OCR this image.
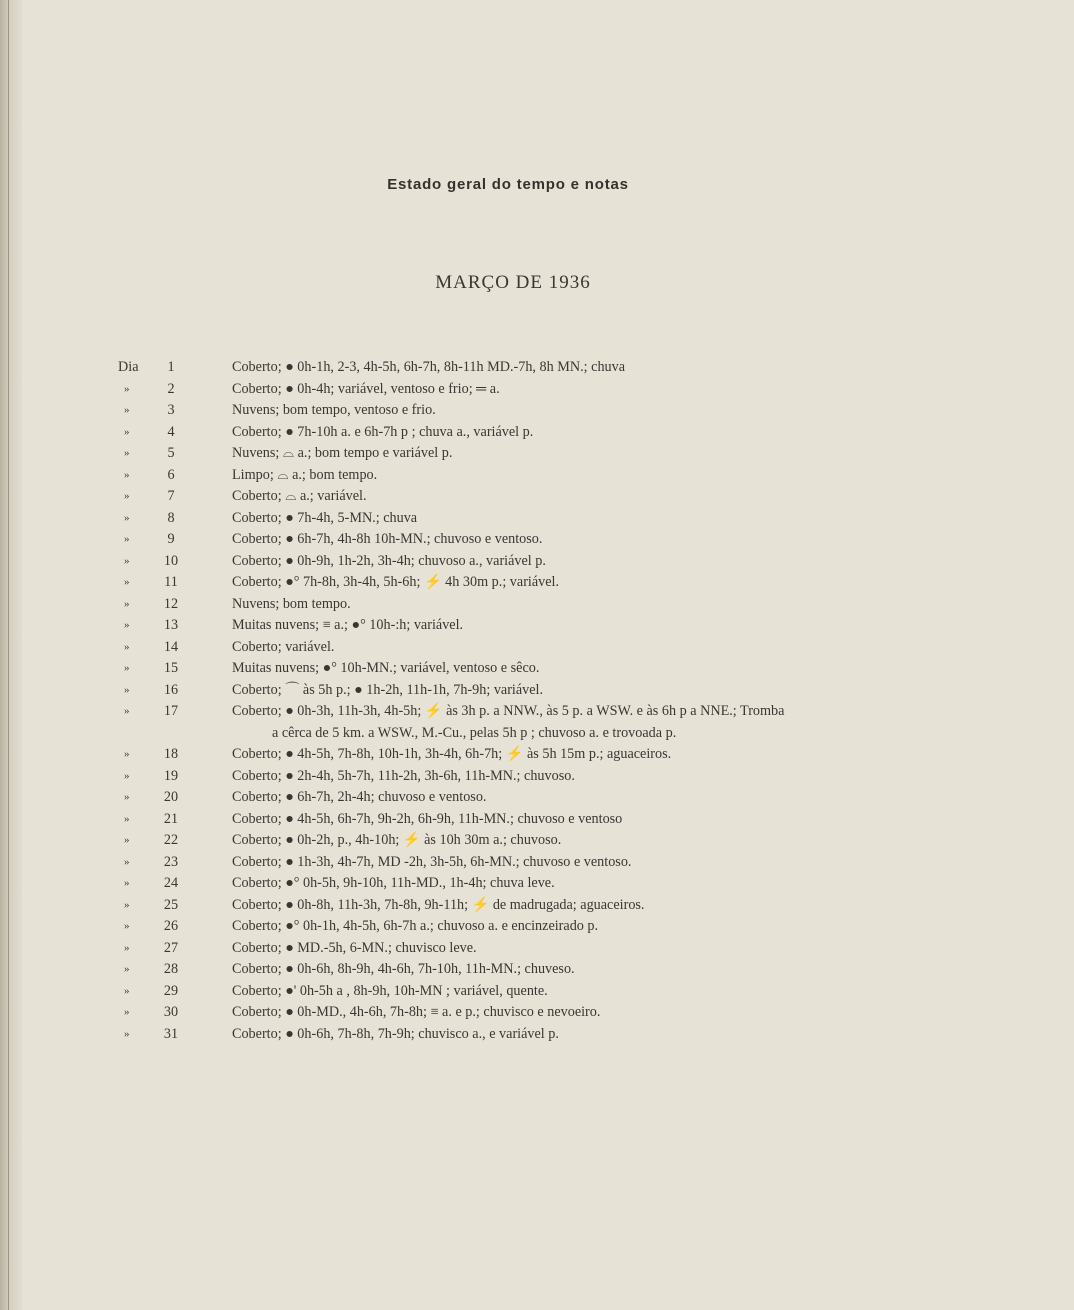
Estado geral do tempo e notas
MARÇO DE 1936
Dia	1	Coberto; ● 0h-1h, 2-3, 4h-5h, 6h-7h, 8h-11h MD.-7h, 8h MN.; chuva
»	2	Coberto; ● 0h-4h; variável, ventoso e frio; ═ a.
»	3	Nuvens; bom tempo, ventoso e frio.
»	4	Coberto; ● 7h-10h a. e 6h-7h p ; chuva a., variável p.
»	5	Nuvens; ⌓ a.; bom tempo e variável p.
»	6	Limpo; ⌓ a.; bom tempo.
»	7	Coberto; ⌓ a.; variável.
»	8	Coberto; ● 7h-4h, 5-MN.; chuva
»	9	Coberto; ● 6h-7h, 4h-8h 10h-MN.; chuvoso e ventoso.
»	10	Coberto; ● 0h-9h, 1h-2h, 3h-4h; chuvoso a., variável p.
»	11	Coberto; ●° 7h-8h, 3h-4h, 5h-6h; ⚡ 4h 30m p.; variável.
»	12	Nuvens; bom tempo.
»	13	Muitas nuvens; ≡ a.; ●° 10h-:h; variável.
»	14	Coberto; variável.
»	15	Muitas nuvens; ●° 10h-MN.; variável, ventoso e sêco.
»	16	Coberto; ⌒ às 5h p.; ● 1h-2h, 11h-1h, 7h-9h; variável.
»	17	Coberto; ● 0h-3h, 11h-3h, 4h-5h; ⚡ às 3h p. a NNW., às 5 p. a WSW. e às 6h p a NNE.; Tromba
a cêrca de 5 km. a WSW., M.-Cu., pelas 5h p ; chuvoso a. e trovoada p.
»	18	Coberto; ● 4h-5h, 7h-8h, 10h-1h, 3h-4h, 6h-7h; ⚡ às 5h 15m p.; aguaceiros.
»	19	Coberto; ● 2h-4h, 5h-7h, 11h-2h, 3h-6h, 11h-MN.; chuvoso.
»	20	Coberto; ● 6h-7h, 2h-4h; chuvoso e ventoso.
»	21	Coberto; ● 4h-5h, 6h-7h, 9h-2h, 6h-9h, 11h-MN.; chuvoso e ventoso
»	22	Coberto; ● 0h-2h, p., 4h-10h; ⚡ às 10h 30m a.; chuvoso.
»	23	Coberto; ● 1h-3h, 4h-7h, MD -2h, 3h-5h, 6h-MN.; chuvoso e ventoso.
»	24	Coberto; ●° 0h-5h, 9h-10h, 11h-MD., 1h-4h; chuva leve.
»	25	Coberto; ● 0h-8h, 11h-3h, 7h-8h, 9h-11h; ⚡ de madrugada; aguaceiros.
»	26	Coberto; ●° 0h-1h, 4h-5h, 6h-7h a.; chuvoso a. e encinzeirado p.
»	27	Coberto; ● MD.-5h, 6-MN.; chuvisco leve.
»	28	Coberto; ● 0h-6h, 8h-9h, 4h-6h, 7h-10h, 11h-MN.; chuveso.
»	29	Coberto; ●' 0h-5h a , 8h-9h, 10h-MN ; variável, quente.
»	30	Coberto; ● 0h-MD., 4h-6h, 7h-8h; ≡ a. e p.; chuvisco e nevoeiro.
»	31	Coberto; ● 0h-6h, 7h-8h, 7h-9h; chuvisco a., e variável p.
